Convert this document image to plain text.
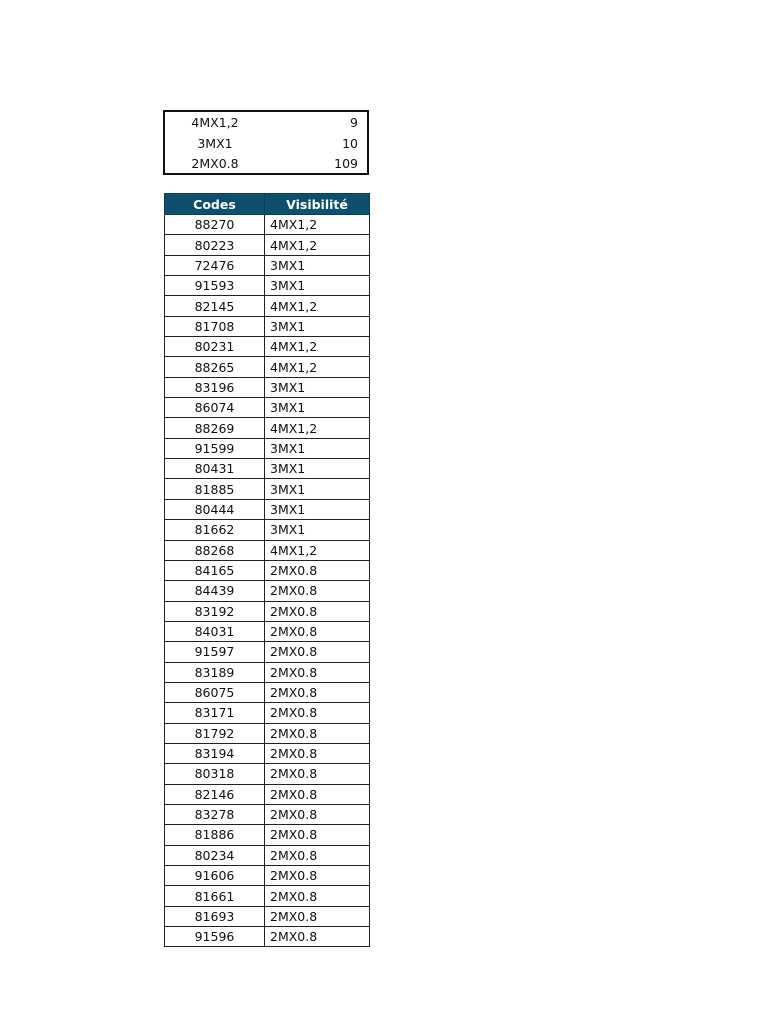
4MX1,2	9
3MX1	10
2MX0.8	109
Codes	Visibilité
88270	4MX1,2
80223	4MX1,2
72476	3MX1
91593	3MX1
82145	4MX1,2
81708	3MX1
80231	4MX1,2
88265	4MX1,2
83196	3MX1
86074	3MX1
88269	4MX1,2
91599	3MX1
80431	3MX1
81885	3MX1
80444	3MX1
81662	3MX1
88268	4MX1,2
84165	2MX0.8
84439	2MX0.8
83192	2MX0.8
84031	2MX0.8
91597	2MX0.8
83189	2MX0.8
86075	2MX0.8
83171	2MX0.8
81792	2MX0.8
83194	2MX0.8
80318	2MX0.8
82146	2MX0.8
83278	2MX0.8
81886	2MX0.8
80234	2MX0.8
91606	2MX0.8
81661	2MX0.8
81693	2MX0.8
91596	2MX0.8
